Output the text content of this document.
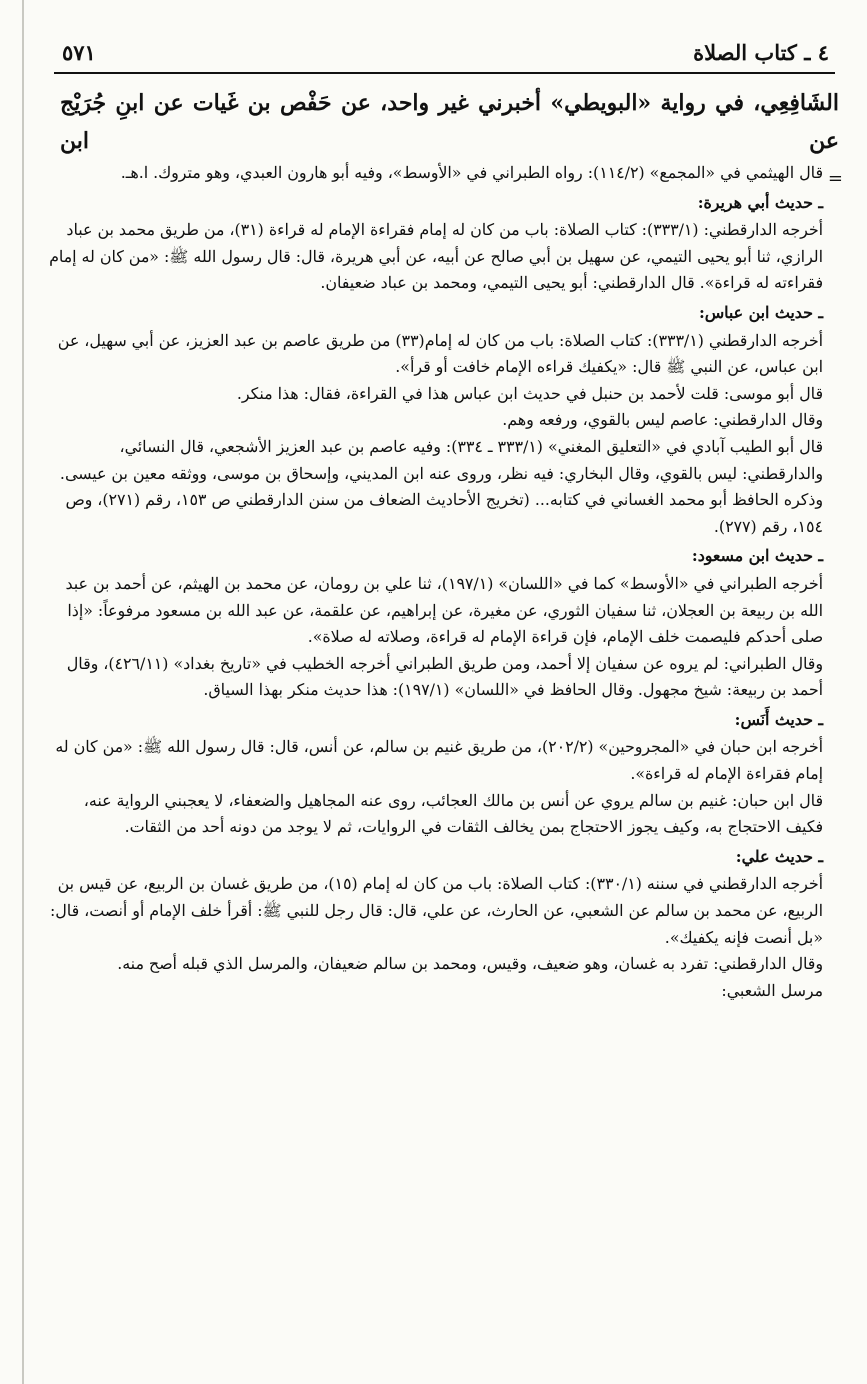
٤ ـ كتاب الصلاة
٥٧١
الشَافِعِي، في رواية «البويطي» أخبرني غير واحد، عن حَفْص بن غَيات عن ابنِ جُرَيْج عن ابن
=

قال الهيثمي في «المجمع» (١١٤/٢): رواه الطبراني في «الأوسط»، وفيه أبو هارون العبدي، وهو متروك. ا.هـ.

ـ حديث أبي هريرة:

أخرجه الدارقطني: (٣٣٣/١): كتاب الصلاة: باب من كان له إمام فقراءة الإمام له قراءة (٣١)، من طريق محمد بن عباد الرازي، ثنا أبو يحيى التيمي، عن سهيل بن أبي صالح عن أبيه، عن أبي هريرة، قال: قال رسول الله ﷺ: «من كان له إمام فقراءته له قراءة». قال الدارقطني: أبو يحيى التيمي، ومحمد بن عباد ضعيفان.

ـ حديث ابن عباس:

أخرجه الدارقطني (٣٣٣/١): كتاب الصلاة: باب من كان له إمام(٣٣) من طريق عاصم بن عبد العزيز، عن أبي سهيل، عن ابن عباس، عن النبي ﷺ قال: «يكفيك قراءه الإمام خافت أو قرأ».

قال أبو موسى: قلت لأحمد بن حنبل في حديث ابن عباس هذا في القراءة، فقال: هذا منكر.

وقال الدارقطني: عاصم ليس بالقوي، ورفعه وهم.

قال أبو الطيب آبادي في «التعليق المغني» (٣٣٣/١ ـ ٣٣٤): وفيه عاصم بن عبد العزيز الأشجعي، قال النسائي، والدارقطني: ليس بالقوي، وقال البخاري: فيه نظر، وروى عنه ابن المديني، وإسحاق بن موسى، ووثقه معين بن عيسى.

وذكره الحافظ أبو محمد الغساني في كتابه... (تخريج الأحاديث الضعاف من سنن الدارقطني ص ١٥٣، رقم (٢٧١)، وص ١٥٤، رقم (٢٧٧).

ـ حديث ابن مسعود:

أخرجه الطبراني في «الأوسط» كما في «اللسان» (١٩٧/١)، ثنا علي بن رومان، عن محمد بن الهيثم، عن أحمد بن عبد الله بن ربيعة بن العجلان، ثنا سفيان الثوري، عن مغيرة، عن إبراهيم، عن علقمة، عن عبد الله بن مسعود مرفوعاً: «إذا صلى أحدكم فليصمت خلف الإمام، فإن قراءة الإمام له قراءة، وصلاته له صلاة».

وقال الطبراني: لم يروه عن سفيان إلا أحمد، ومن طريق الطبراني أخرجه الخطيب في «تاريخ بغداد» (٤٢٦/١١)، وقال أحمد بن ربيعة: شيخ مجهول. وقال الحافظ في «اللسان» (١٩٧/١): هذا حديث منكر بهذا السياق.

ـ حديث أَنَس:

أخرجه ابن حبان في «المجروحين» (٢٠٢/٢)، من طريق غنيم بن سالم، عن أنس، قال: قال رسول الله ﷺ: «من كان له إمام فقراءة الإمام له قراءة».

قال ابن حبان: غنيم بن سالم يروي عن أنس بن مالك العجائب، روى عنه المجاهيل والضعفاء، لا يعجبني الرواية عنه، فكيف الاحتجاج به، وكيف يجوز الاحتجاج بمن يخالف الثقات في الروايات، ثم لا يوجد من دونه أحد من الثقات.

ـ حديث علي:

أخرجه الدارقطني في سننه (٣٣٠/١): كتاب الصلاة: باب من كان له إمام (١٥)، من طريق غسان بن الربيع، عن قيس بن الربيع، عن محمد بن سالم عن الشعبي، عن الحارث، عن علي، قال: قال رجل للنبي ﷺ: أقرأ خلف الإمام أو أنصت، قال: «بل أنصت فإنه يكفيك».

وقال الدارقطني: تفرد به غسان، وهو ضعيف، وقيس، ومحمد بن سالم ضعيفان، والمرسل الذي قبله أصح منه.

مرسل الشعبي:
